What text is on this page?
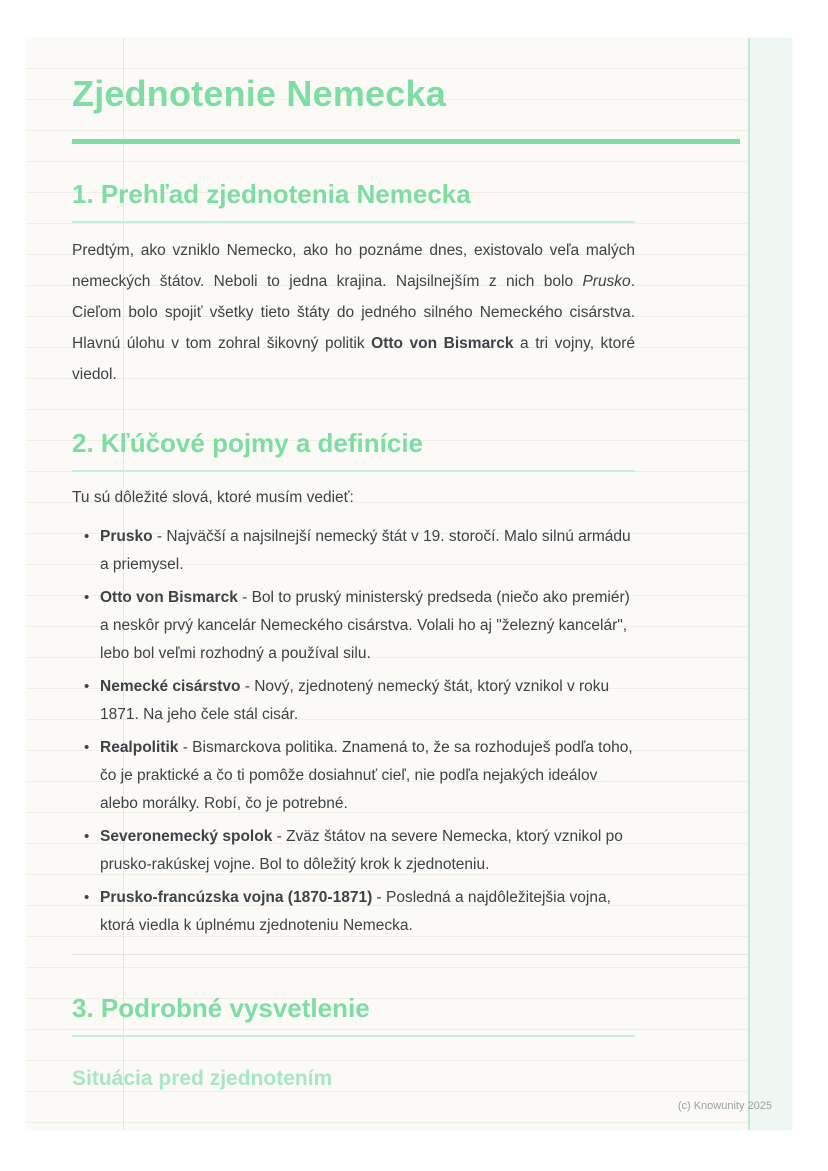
Zjednotenie Nemecka
1. Prehľad zjednotenia Nemecka

Predtým, ako vzniklo Nemecko, ako ho poznáme dnes, existovalo veľa malých nemeckých štátov. Neboli to jedna krajina. Najsilnejším z nich bolo Prusko. Cieľom bolo spojiť všetky tieto štáty do jedného silného Nemeckého cisárstva. Hlavnú úlohu v tom zohral šikovný politik Otto von Bismarck a tri vojny, ktoré viedol.

2. Kľúčové pojmy a definície

Tu sú dôležité slová, ktoré musím vedieť:

• Prusko - Najväčší a najsilnejší nemecký štát v 19. storočí. Malo silnú armádu a priemysel.
• Otto von Bismarck - Bol to pruský ministerský predseda (niečo ako premiér) a neskôr prvý kancelár Nemeckého cisárstva. Volali ho aj "železný kancelár", lebo bol veľmi rozhodný a používal silu.
• Nemecké cisárstvo - Nový, zjednotený nemecký štát, ktorý vznikol v roku 1871. Na jeho čele stál cisár.
• Realpolitik - Bismarckova politika. Znamená to, že sa rozhoduješ podľa toho, čo je praktické a čo ti pomôže dosiahnuť cieľ, nie podľa nejakých ideálov alebo morálky. Robí, čo je potrebné.
• Severonemecký spolok - Zväz štátov na severe Nemecka, ktorý vznikol po prusko-rakúskej vojne. Bol to dôležitý krok k zjednoteniu.
• Prusko-francúzska vojna (1870-1871) - Posledná a najdôležitejšia vojna, ktorá viedla k úplnému zjednoteniu Nemecka.
3. Podrobné vysvetlenie
Situácia pred zjednotením
(c) Knowunity 2025
